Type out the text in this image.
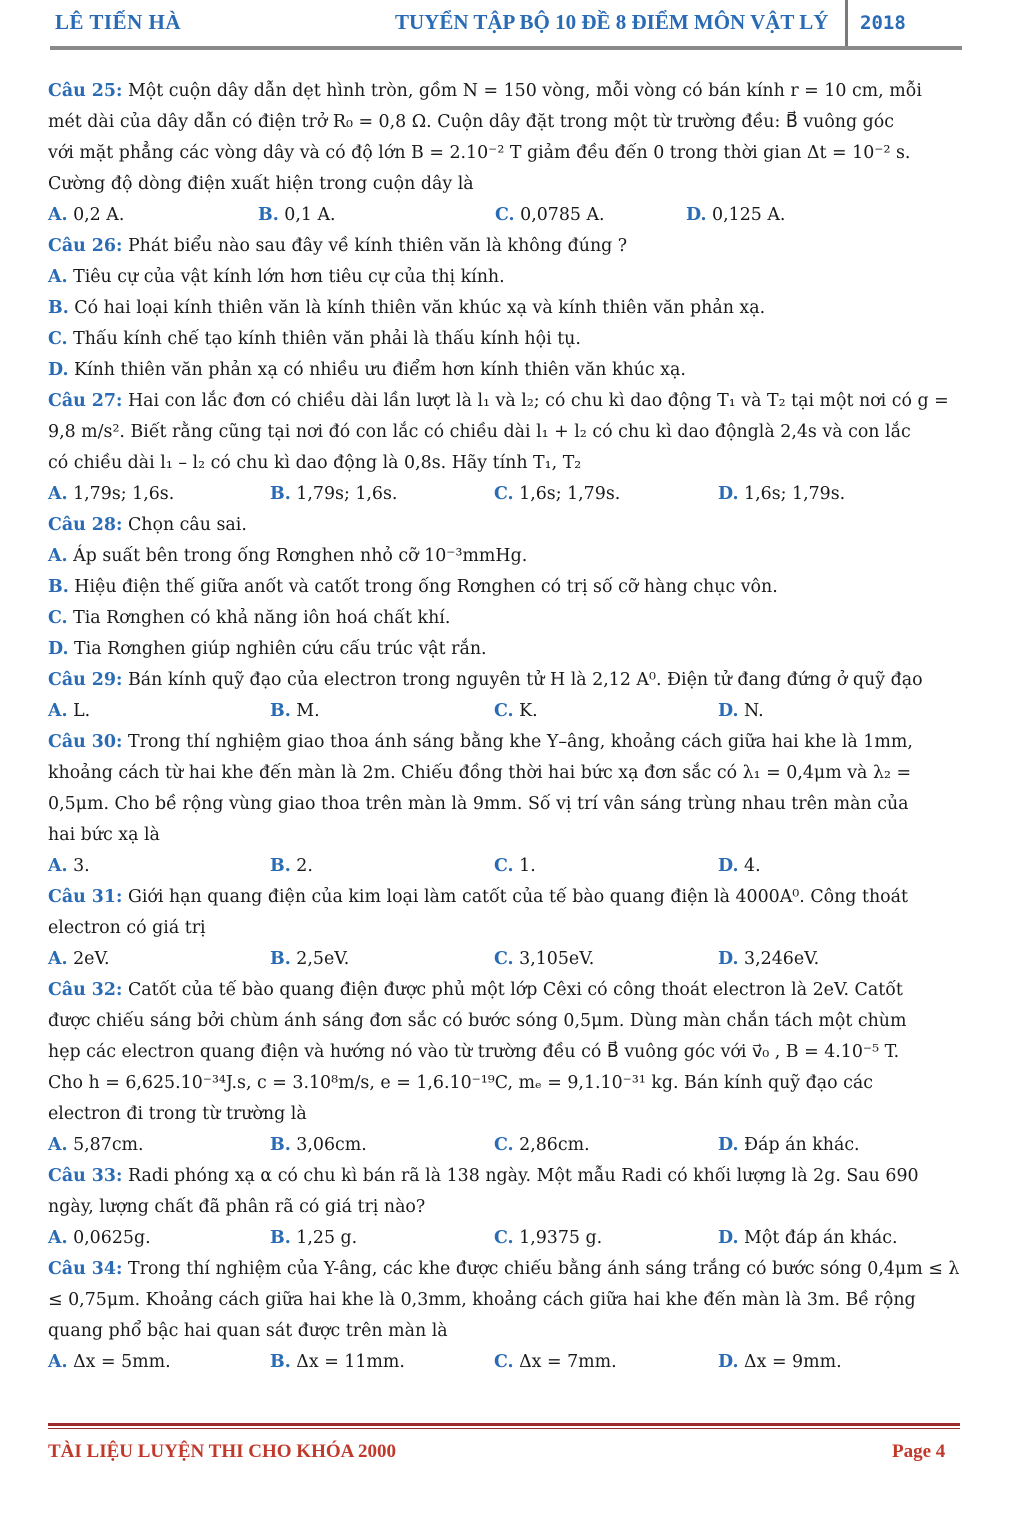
LÊ TIẾN HÀ	TUYỂN TẬP BỘ 10 ĐỀ 8 ĐIỂM MÔN VẬT LÝ 2018
Câu 25: Một cuộn dây dẫn dẹt hình tròn, gồm N = 150 vòng, mỗi vòng có bán kính r = 10 cm, mỗi
mét dài của dây dẫn có điện trở R₀ = 0,8 Ω. Cuộn dây đặt trong một từ trường đều: B⃗ vuông góc
với mặt phẳng các vòng dây và có độ lớn B = 2.10⁻² T giảm đều đến 0 trong thời gian Δt = 10⁻² s.
Cường độ dòng điện xuất hiện trong cuộn dây là
A. 0,2 A.	B. 0,1 A.	C. 0,0785 A.	D. 0,125 A.
Câu 26: Phát biểu nào sau đây về kính thiên văn là không đúng ?
A. Tiêu cự của vật kính lớn hơn tiêu cự của thị kính.
B. Có hai loại kính thiên văn là kính thiên văn khúc xạ và kính thiên văn phản xạ.
C. Thấu kính chế tạo kính thiên văn phải là thấu kính hội tụ.
D. Kính thiên văn phản xạ có nhiều ưu điểm hơn kính thiên văn khúc xạ.
Câu 27: Hai con lắc đơn có chiều dài lần lượt là l₁ và l₂; có chu kì dao động T₁ và T₂ tại một nơi có g =
9,8 m/s². Biết rằng cũng tại nơi đó con lắc có chiều dài l₁ + l₂ có chu kì dao độnglà 2,4s và con lắc
có chiều dài l₁ – l₂ có chu kì dao động là 0,8s. Hãy tính T₁, T₂
A. 1,79s; 1,6s.	B. 1,79s; 1,6s.	C. 1,6s; 1,79s.	D. 1,6s; 1,79s.
Câu 28: Chọn câu sai.
A. Áp suất bên trong ống Rơnghen nhỏ cỡ 10⁻³mmHg.
B. Hiệu điện thế giữa anốt và catốt trong ống Rơnghen có trị số cỡ hàng chục vôn.
C. Tia Rơnghen có khả năng iôn hoá chất khí.
D. Tia Rơnghen giúp nghiên cứu cấu trúc vật rắn.
Câu 29: Bán kính quỹ đạo của electron trong nguyên tử H là 2,12 A⁰. Điện tử đang đứng ở quỹ đạo
A. L.	B. M.	C. K.	D. N.
Câu 30: Trong thí nghiệm giao thoa ánh sáng bằng khe Y–âng, khoảng cách giữa hai khe là 1mm,
khoảng cách từ hai khe đến màn là 2m. Chiếu đồng thời hai bức xạ đơn sắc có λ₁ = 0,4μm và λ₂ =
0,5μm. Cho bề rộng vùng giao thoa trên màn là 9mm. Số vị trí vân sáng trùng nhau trên màn của
hai bức xạ là
A. 3.	B. 2.	C. 1.	D. 4.
Câu 31: Giới hạn quang điện của kim loại làm catốt của tế bào quang điện là 4000A⁰. Công thoát
electron có giá trị
A. 2eV.	B. 2,5eV.	C. 3,105eV.	D. 3,246eV.
Câu 32: Catốt của tế bào quang điện được phủ một lớp Cêxi có công thoát electron là 2eV. Catốt
được chiếu sáng bởi chùm ánh sáng đơn sắc có bước sóng 0,5μm. Dùng màn chắn tách một chùm
hẹp các electron quang điện và hướng nó vào từ trường đều có B⃗ vuông góc với v⃗₀ , B = 4.10⁻⁵ T.
Cho h = 6,625.10⁻³⁴J.s, c = 3.10⁸m/s, e = 1,6.10⁻¹⁹C, mₑ = 9,1.10⁻³¹ kg. Bán kính quỹ đạo các
electron đi trong từ trường là
A. 5,87cm.	B. 3,06cm.	C. 2,86cm.	D. Đáp án khác.
Câu 33: Radi phóng xạ α có chu kì bán rã là 138 ngày. Một mẫu Radi có khối lượng là 2g. Sau 690
ngày, lượng chất đã phân rã có giá trị nào?
A. 0,0625g.	B. 1,25 g.	C. 1,9375 g.	D. Một đáp án khác.
Câu 34: Trong thí nghiệm của Y-âng, các khe được chiếu bằng ánh sáng trắng có bước sóng 0,4μm ≤ λ
≤ 0,75μm. Khoảng cách giữa hai khe là 0,3mm, khoảng cách giữa hai khe đến màn là 3m. Bề rộng
quang phổ bậc hai quan sát được trên màn là
A. Δx = 5mm.	B. Δx = 11mm.	C. Δx = 7mm.	D. Δx = 9mm.
TÀI LIỆU LUYỆN THI CHO KHÓA 2000	Page 4
